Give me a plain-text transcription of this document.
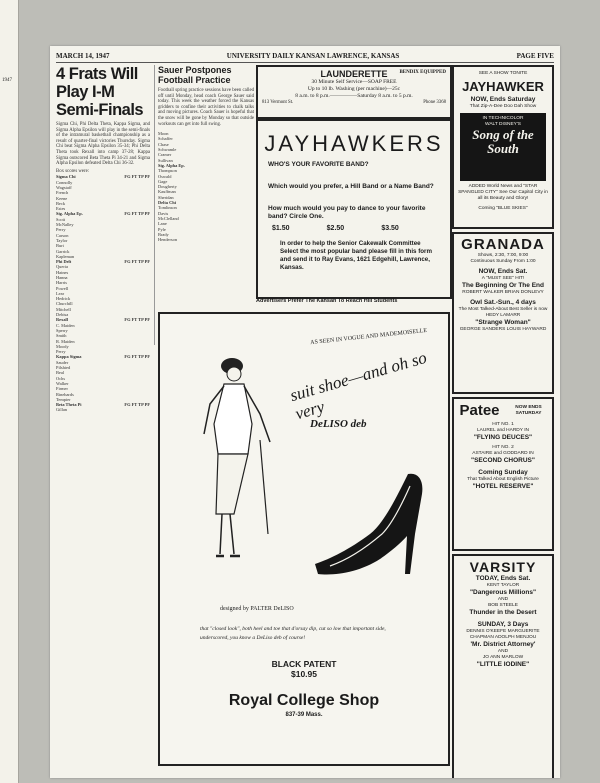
1947
MARCH 14, 1947	UNIVERSITY DAILY KANSAN LAWRENCE, KANSAS	PAGE FIVE
4 Frats Will Play I-M Semi-Finals
Sigma Chi, Phi Delta Theta, Kappa Sigma, and Sigma Alpha Epsilon will play in the semi-finals of the intramural basketball championship as a result of quarter-final victories Thursday. Sigma Chi beat Sigma Alpha Epsilon 35-34; Phi Delta Theta took Rexall into camp 37-28; Kappa Sigma outscored Beta Theta Pi 34-21 and Sigma Alpha Epsilon defeated Delta Chi 36-32.
Box scores were:
Sigma Chi	FG FT TP PF
Connolly
Wagstaff
French
Keene
Beck
Estes
Sig. Alpha Ep.	FG FT TP PF
Scott
McNalley
Perry
Carson
Taylor
Burt
Garrick
Kapleman
Phi Delt	FG FT TP PF
Queria
Haines
Hanna
Harris
Powell
Lear
Hedrick
Churchill
Mitchell
Debisa
Rexall	FG FT TP PF
C. Maiden
Sperry
Smith
R. Maiden
Moody
Perry
Kappa Sigma	FG FT TP PF
Sauder
Pilshied
Beal
Ochs
Walker
Firmer
Rinehards
Tempier
Beta Theta Pi	FG FT TP PF
Gillan
Sauer Postpones Football Practice
Football spring practice sessions have been called off until Monday, head coach George Sauer said today. This week the weather forced the Kansas gridders to confine their activities to chalk talks and moving pictures. Coach Sauer is hopeful that the snow will be gone by Monday so that outside workouts can get into full swing.
Moon
Schaffer
Chase
Schwamle
Cramer
Sullivan
Sig. Alpha Ep.
Thompson
Oswald
Gage
Dougherty
Kauffman
Sheridan
Delta Chi
Tomlinson
Davis
McClelland
Lane
Pyle
Brady
Henderson
LAUNDERETTE	BENDIX EQUIPPED
30 Minute Self Service—SOAP FREE
Up to 10 lb. Washing (per machine)—25c
8 a.m. to 8 p.m.—————Saturday 8 a.m. to 5 p.m.
813 Vermont St.	Phone 3368
JAYHAWKERS
WHO'S YOUR FAVORITE BAND?
Which would you prefer, a Hill Band or a Name Band?
How much would you pay to dance to your favorite band? Circle One.
$1.50	$2.50	$3.50
In order to help the Senior Cakewalk Committee Select the most popular band please fill in this form and send it to Ray Evans, 1621 Edgehill, Lawrence, Kansas.
Advertisers Prefer The Kansan To Reach Hill Students
AS SEEN IN VOGUE AND MADEMOISELLE
suit shoe—and oh so very
DeLISO deb
designed by PALTER DeLISO
that "closed look", both heel and toe that d'orsay dip, cut so low that important side, underscored, you know a DeLiso deb of course!
BLACK PATENT
$10.95
Royal College Shop
837-39 Mass.
SEE A SHOW TONITE
JAYHAWKER
NOW, Ends Saturday
That Zip-A-Dee Doo Dah Show
IN TECHNICOLOR
WALT DISNEY'S
Song of the South
ADDED World News and "STAR SPANGLED CITY" See Our Capitol City in all its Beauty and Glory!
Coming "BLUE SKIES"
GRANADA
Shows, 2:30, 7:00, 9:00
Continuous Sunday From 1:00
NOW, Ends Sat.
A "MUST SEE" HIT!
The Beginning Or The End
ROBERT WALKER BRIAN DONLEVY
Owl Sat.-Sun., 4 days
The Most Talked-About Best Seller is now
HEDY LAMARR
"Strange Woman"
GEORGE SANDERS LOUIS HAYWARD
Patee	NOW ENDS SATURDAY
HIT NO. 1
LAUREL and HARDY IN
"FLYING DEUCES"
HIT NO. 2
ASTAIRE and GODDARD IN
"SECOND CHORUS"
Coming Sunday
That Talked About English Picture
"HOTEL RESERVE"
VARSITY
TODAY, Ends Sat.
KENT TAYLOR
"Dangerous Millions"
AND
BOB STEELE
Thunder in the Desert
SUNDAY, 3 Days
DENNIS O'KEEFE MARGUERITE CHAPMAN ADOLPH MENJOU
'Mr. District Attorney'
AND
JO ANN MARLOW
"LITTLE IODINE"
